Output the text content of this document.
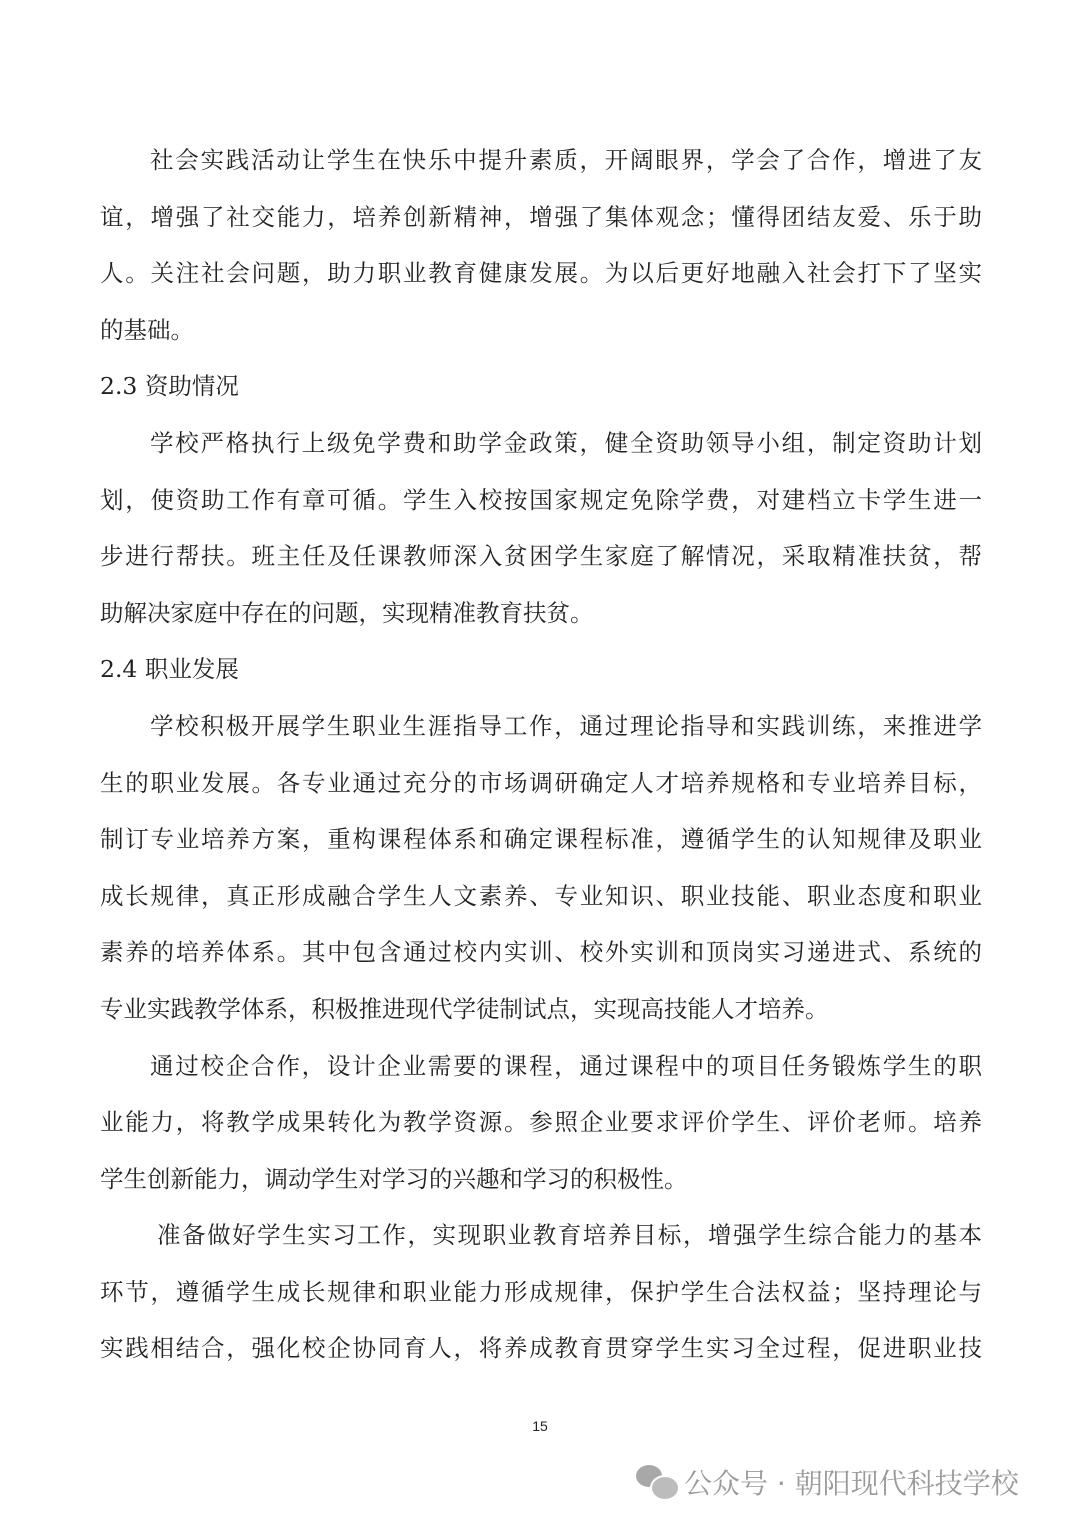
社会实践活动让学生在快乐中提升素质，开阔眼界，学会了合作，增进了友
谊，增强了社交能力，培养创新精神，增强了集体观念；懂得团结友爱、乐于助
人。关注社会问题，助力职业教育健康发展。为以后更好地融入社会打下了坚实
的基础。
2.3 资助情况
学校严格执行上级免学费和助学金政策，健全资助领导小组，制定资助计划
划，使资助工作有章可循。学生入校按国家规定免除学费，对建档立卡学生进一
步进行帮扶。班主任及任课教师深入贫困学生家庭了解情况，采取精准扶贫，帮
助解决家庭中存在的问题，实现精准教育扶贫。
2.4 职业发展
学校积极开展学生职业生涯指导工作，通过理论指导和实践训练，来推进学
生的职业发展。各专业通过充分的市场调研确定人才培养规格和专业培养目标，
制订专业培养方案，重构课程体系和确定课程标准，遵循学生的认知规律及职业
成长规律，真正形成融合学生人文素养、专业知识、职业技能、职业态度和职业
素养的培养体系。其中包含通过校内实训、校外实训和顶岗实习递进式、系统的
专业实践教学体系，积极推进现代学徒制试点，实现高技能人才培养。
通过校企合作，设计企业需要的课程，通过课程中的项目任务锻炼学生的职
业能力，将教学成果转化为教学资源。参照企业要求评价学生、评价老师。培养
学生创新能力，调动学生对学习的兴趣和学习的积极性。
准备做好学生实习工作，实现职业教育培养目标，增强学生综合能力的基本
环节，遵循学生成长规律和职业能力形成规律，保护学生合法权益；坚持理论与
实践相结合，强化校企协同育人，将养成教育贯穿学生实习全过程，促进职业技
15
公众号 · 朝阳现代科技学校
